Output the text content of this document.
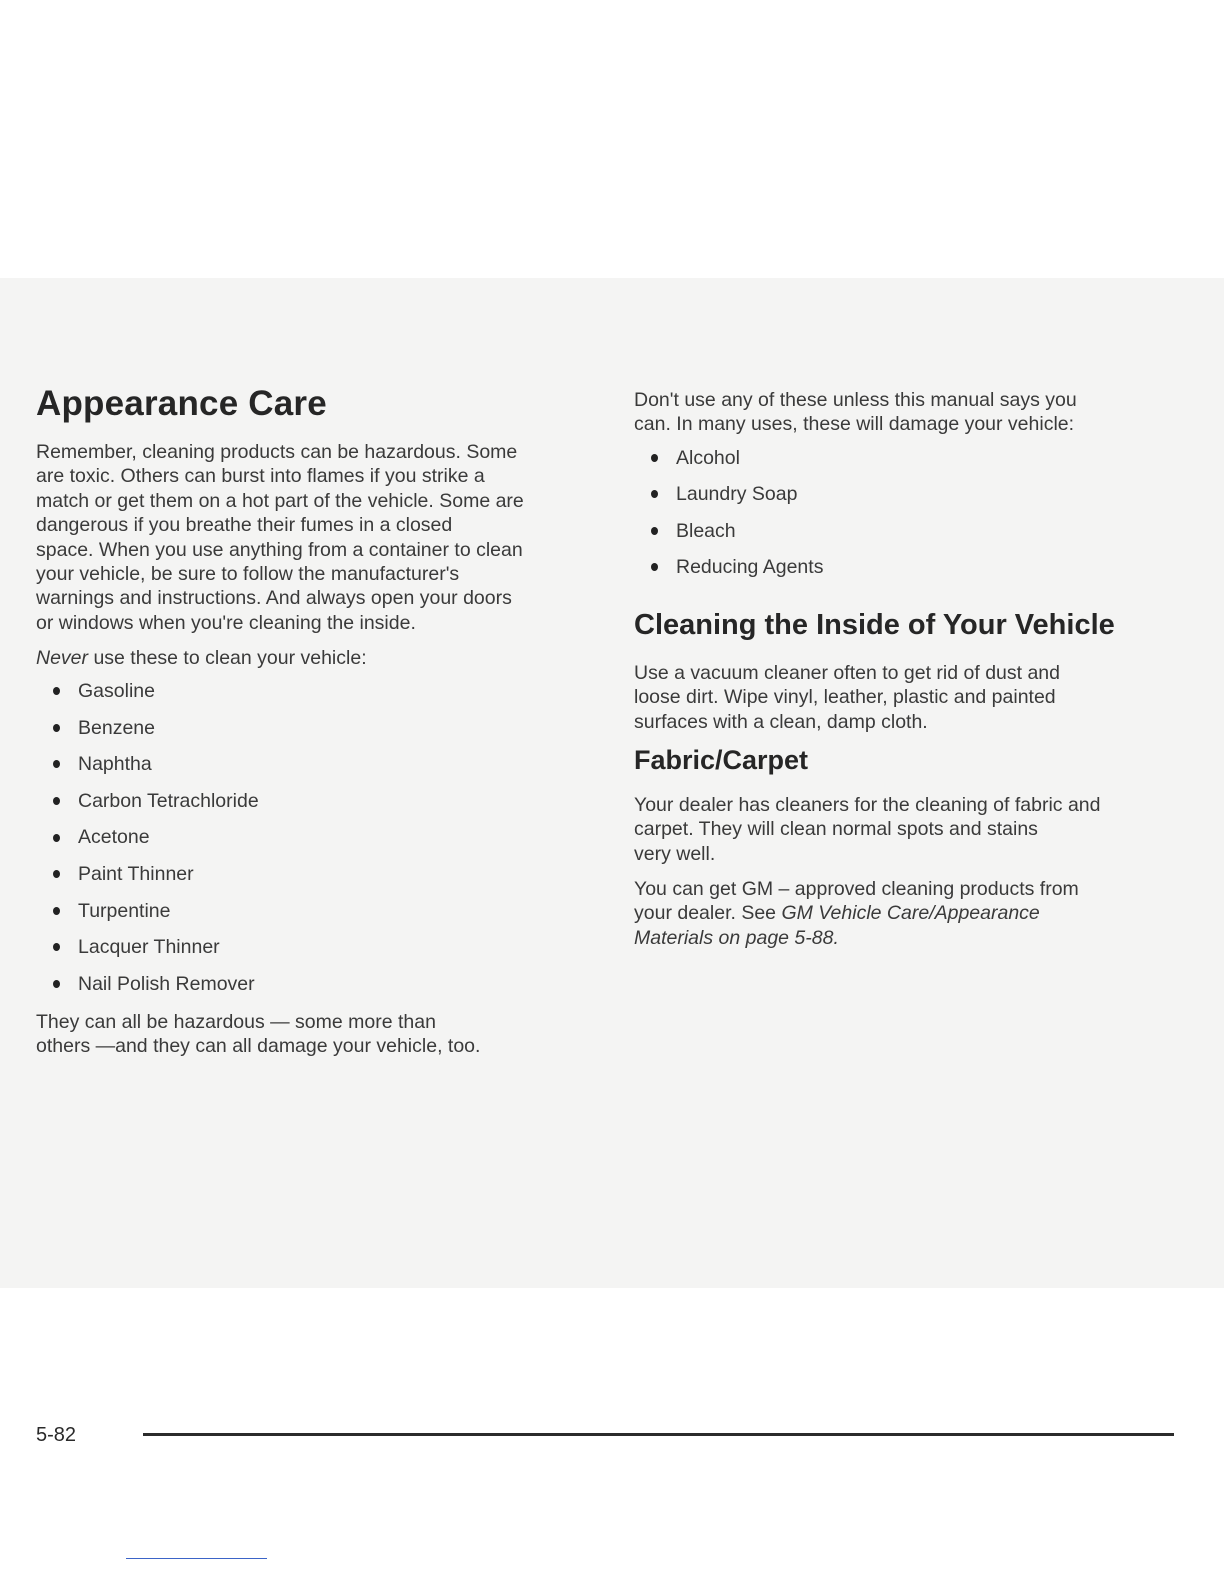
Appearance Care

Remember, cleaning products can be hazardous. Some
are toxic. Others can burst into flames if you strike a
match or get them on a hot part of the vehicle. Some are
dangerous if you breathe their fumes in a closed
space. When you use anything from a container to clean
your vehicle, be sure to follow the manufacturer's
warnings and instructions. And always open your doors
or windows when you're cleaning the inside.

Never use these to clean your vehicle:

Gasoline
Benzene
Naphtha
Carbon Tetrachloride
Acetone
Paint Thinner
Turpentine
Lacquer Thinner
Nail Polish Remover

They can all be hazardous — some more than
others —and they can all damage your vehicle, too.

Don't use any of these unless this manual says you
can. In many uses, these will damage your vehicle:

Alcohol
Laundry Soap
Bleach
Reducing Agents
Cleaning the Inside of Your Vehicle

Use a vacuum cleaner often to get rid of dust and
loose dirt. Wipe vinyl, leather, plastic and painted
surfaces with a clean, damp cloth.

Fabric/Carpet

Your dealer has cleaners for the cleaning of fabric and
carpet. They will clean normal spots and stains
very well.

You can get GM – approved cleaning products from
your dealer. See GM Vehicle Care/Appearance
Materials on page 5-88.

5-82
